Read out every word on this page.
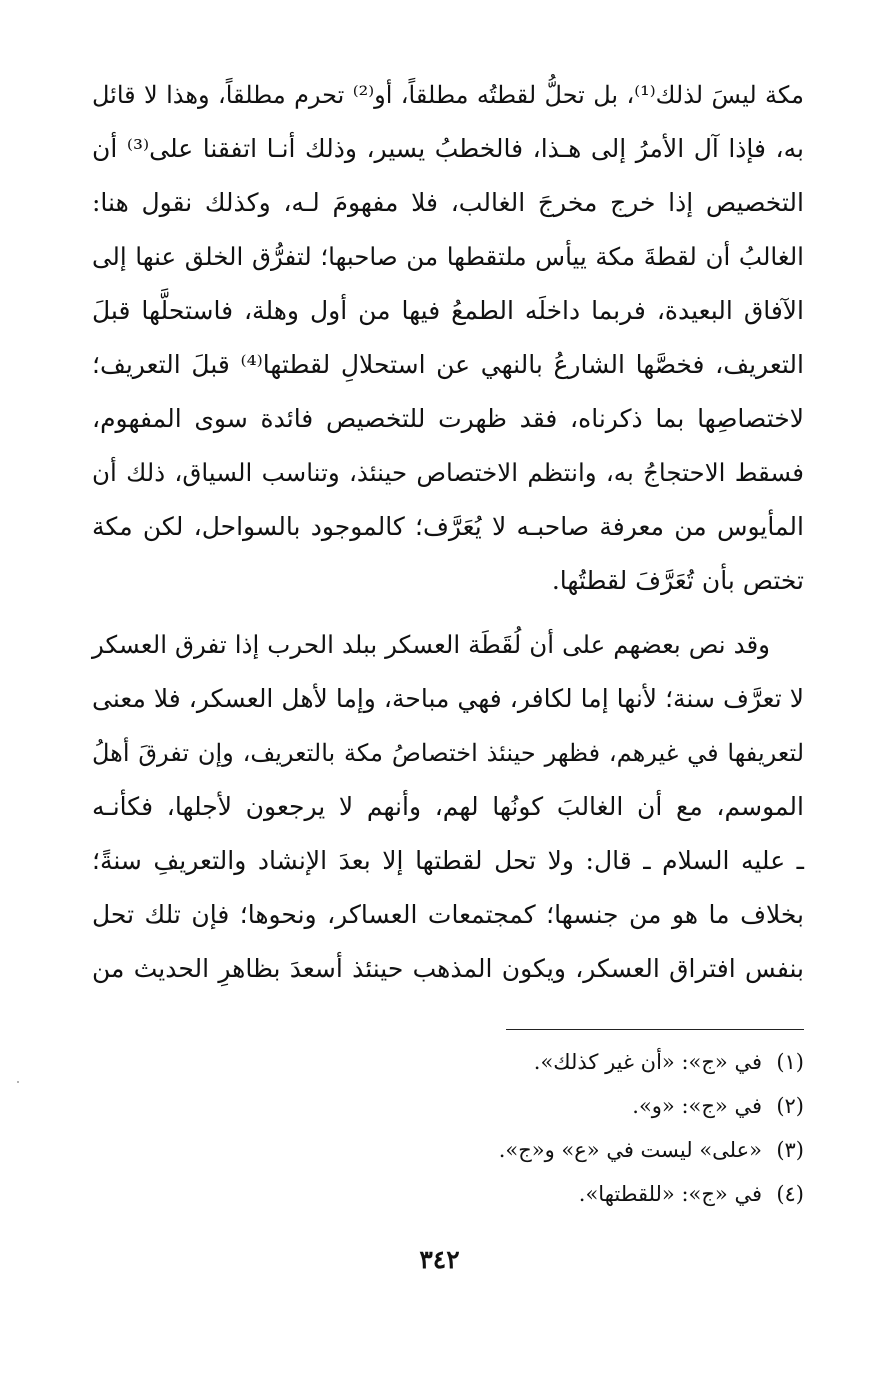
مكة ليسَ لذلك⁽¹⁾، بل تحلُّ لقطتُه مطلقاً، أو⁽²⁾ تحرم مطلقاً، وهذا لا قائل
به، فإذا آل الأمرُ إلى هـذا، فالخطبُ يسير، وذلك أنـا اتفقنا على⁽³⁾ أن
التخصيص إذا خرج مخرجَ الغالب، فلا مفهومَ لـه، وكذلك نقول هنا:
الغالبُ أن لقطةَ مكة ييأس ملتقطها من صاحبها؛ لتفرُّق الخلق عنها إلى
الآفاق البعيدة، فربما داخلَه الطمعُ فيها من أول وهلة، فاستحلَّها قبلَ
التعريف، فخصَّها الشارعُ بالنهي عن استحلالِ لقطتها⁽⁴⁾ قبلَ التعريف؛
لاختصاصِها بما ذكرناه، فقد ظهرت للتخصيص فائدة سوى المفهوم،
فسقط الاحتجاجُ به، وانتظم الاختصاص حينئذ، وتناسب السياق، ذلك أن
المأيوس من معرفة صاحبـه لا يُعَرَّف؛ كالموجود بالسواحل، لكن مكة
تختص بأن تُعَرَّفَ لقطتُها.
وقد نص بعضهم على أن لُقَطَة العسكر ببلد الحرب إذا تفرق العسكر
لا تعرَّف سنة؛ لأنها إما لكافر، فهي مباحة، وإما لأهل العسكر، فلا معنى
لتعريفها في غيرهم، فظهر حينئذ اختصاصُ مكة بالتعريف، وإن تفرقَ أهلُ
الموسم، مع أن الغالبَ كونُها لهم، وأنهم لا يرجعون لأجلها، فكأنـه
ـ عليه السلام ـ قال: ولا تحل لقطتها إلا بعدَ الإنشاد والتعريفِ سنةً؛
بخلاف ما هو من جنسها؛ كمجتمعات العساكر، ونحوها؛ فإن تلك تحل
بنفس افتراق العسكر، ويكون المذهب حينئذ أسعدَ بظاهرِ الحديث من
(١)في «ج»: «أن غير كذلك».
(٢)في «ج»: «و».
(٣)«على» ليست في «ع» و«ج».
(٤)في «ج»: «للقطتها».
٣٤٢
